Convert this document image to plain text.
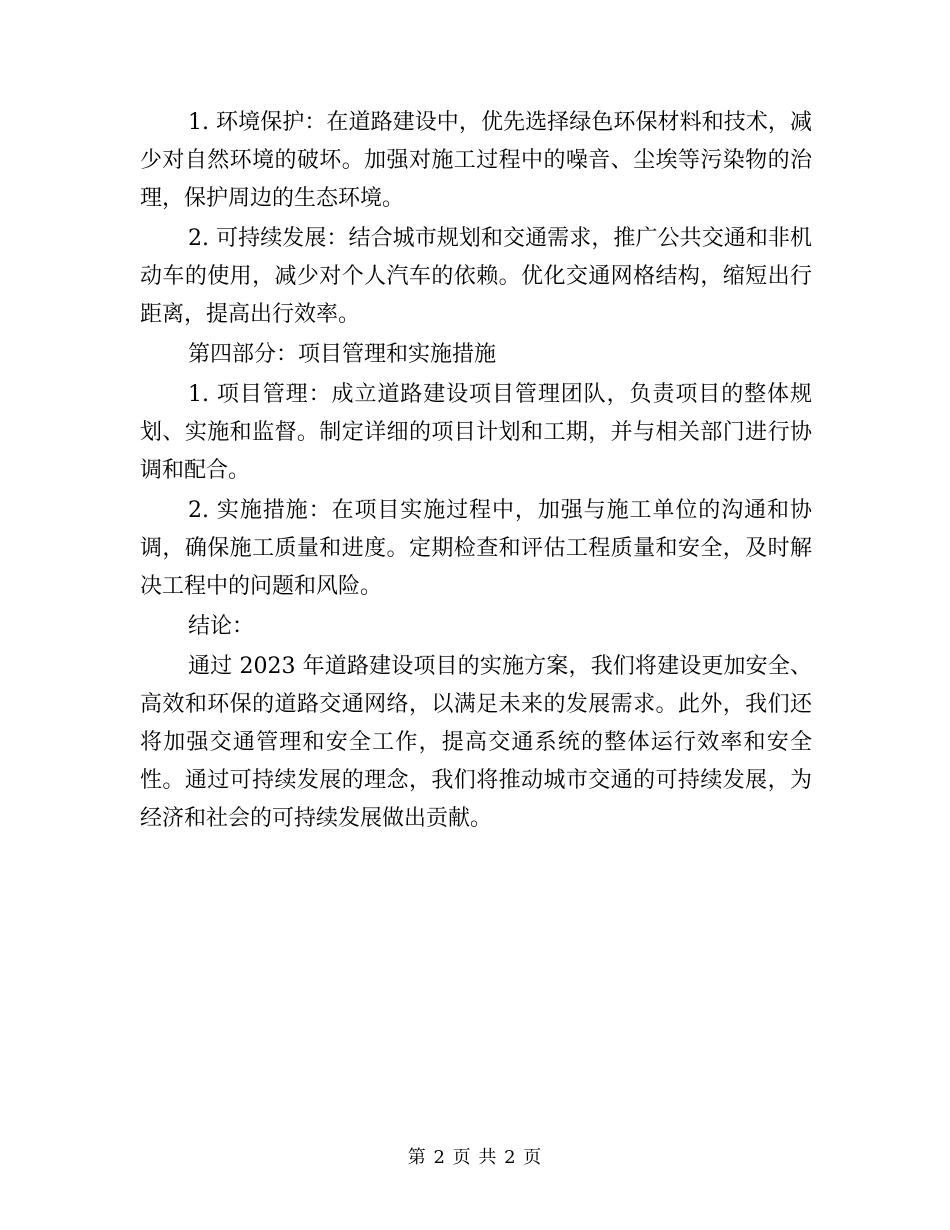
1. 环境保护：在道路建设中，优先选择绿色环保材料和技术，减少对自然环境的破坏。加强对施工过程中的噪音、尘埃等污染物的治理，保护周边的生态环境。

2. 可持续发展：结合城市规划和交通需求，推广公共交通和非机动车的使用，减少对个人汽车的依赖。优化交通网格结构，缩短出行距离，提高出行效率。

第四部分：项目管理和实施措施

1. 项目管理：成立道路建设项目管理团队，负责项目的整体规划、实施和监督。制定详细的项目计划和工期，并与相关部门进行协调和配合。

2. 实施措施：在项目实施过程中，加强与施工单位的沟通和协调，确保施工质量和进度。定期检查和评估工程质量和安全，及时解决工程中的问题和风险。

结论：

通过 2023 年道路建设项目的实施方案，我们将建设更加安全、高效和环保的道路交通网络，以满足未来的发展需求。此外，我们还将加强交通管理和安全工作，提高交通系统的整体运行效率和安全性。通过可持续发展的理念，我们将推动城市交通的可持续发展，为经济和社会的可持续发展做出贡献。

第 2 页 共 2 页
